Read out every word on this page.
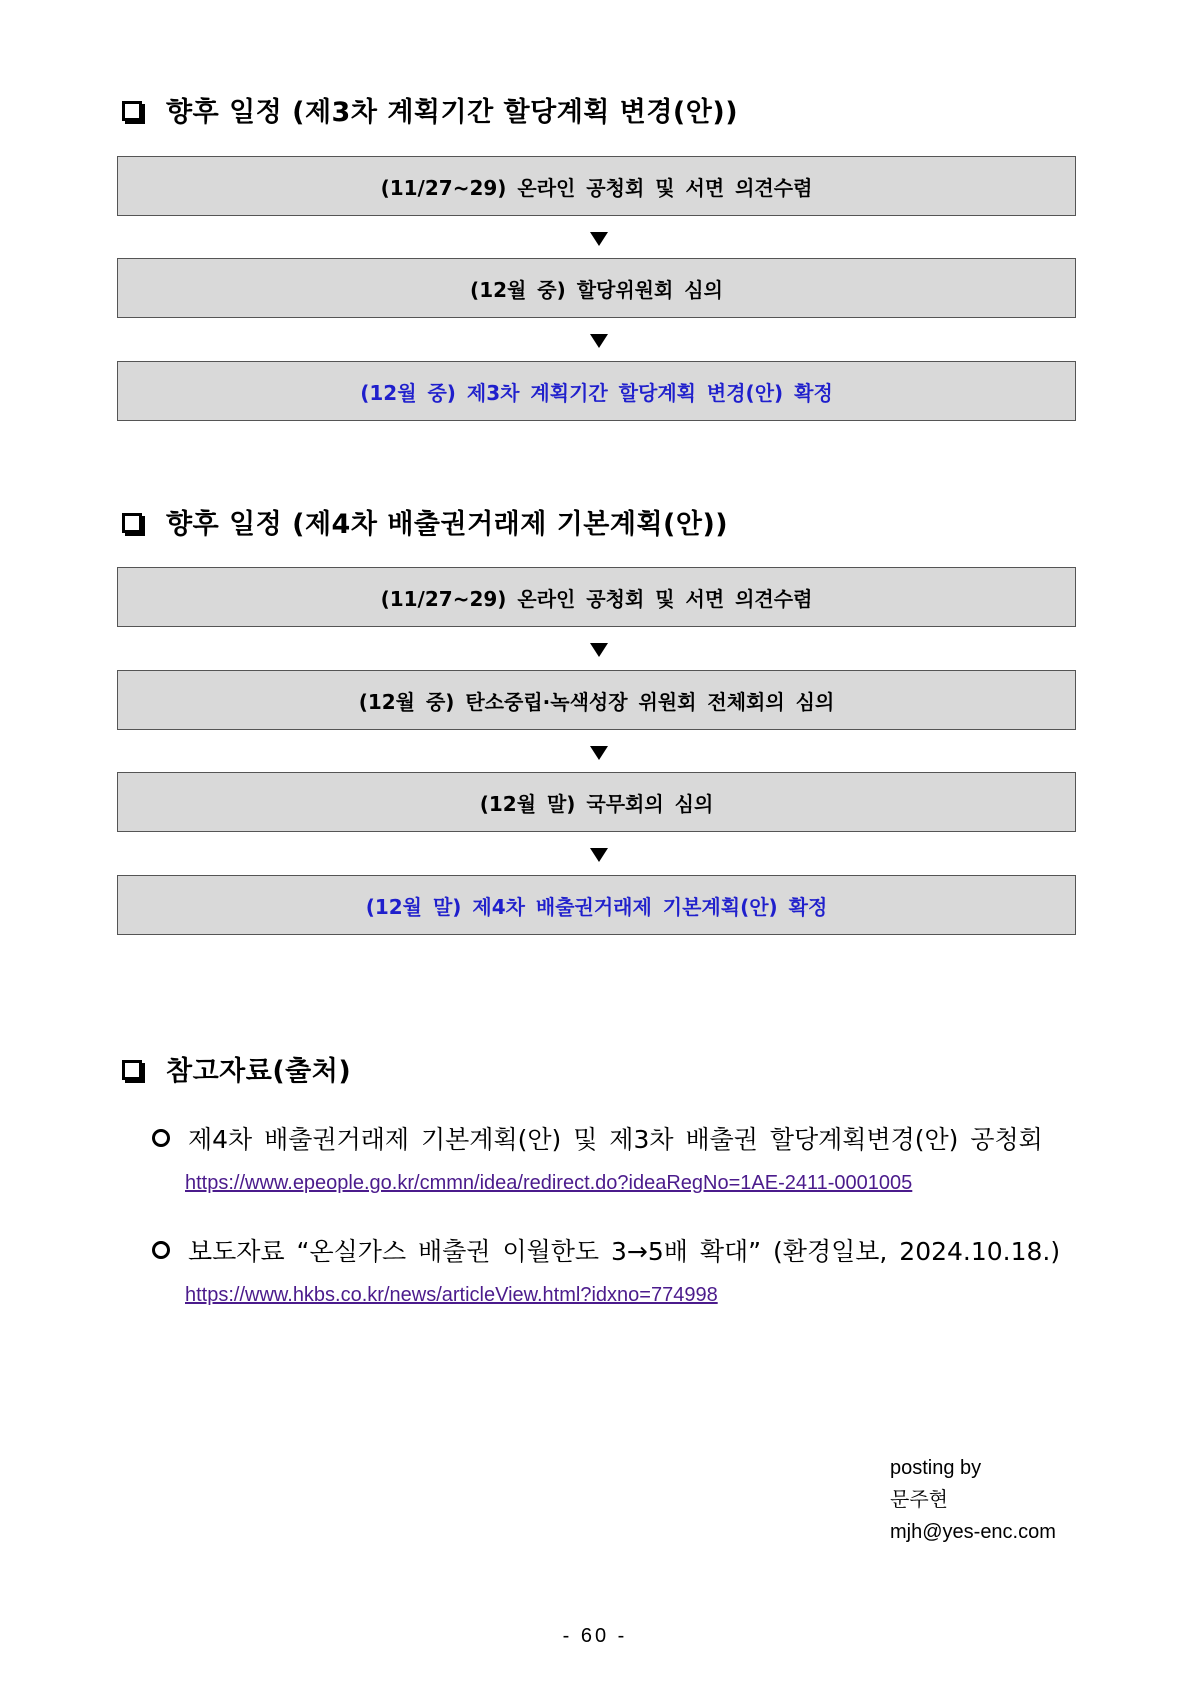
향후 일정 (제3차 계획기간 할당계획 변경(안))
(11/27~29) 온라인 공청회 및 서면 의견수렴
(12월 중) 할당위원회 심의
(12월 중) 제3차 계획기간 할당계획 변경(안) 확정
향후 일정 (제4차 배출권거래제 기본계획(안))
(11/27~29) 온라인 공청회 및 서면 의견수렴
(12월 중) 탄소중립·녹색성장 위원회 전체회의 심의
(12월 말) 국무회의 심의
(12월 말) 제4차 배출권거래제 기본계획(안) 확정
참고자료(출처)
제4차 배출권거래제 기본계획(안) 및 제3차 배출권 할당계획변경(안) 공청회
https://www.epeople.go.kr/cmmn/idea/redirect.do?ideaRegNo=1AE-2411-0001005
보도자료 “온실가스 배출권 이월한도 3→5배 확대” (환경일보, 2024.10.18.)
https://www.hkbs.co.kr/news/articleView.html?idxno=774998
posting by
문주현
mjh@yes-enc.com
- 60 -
